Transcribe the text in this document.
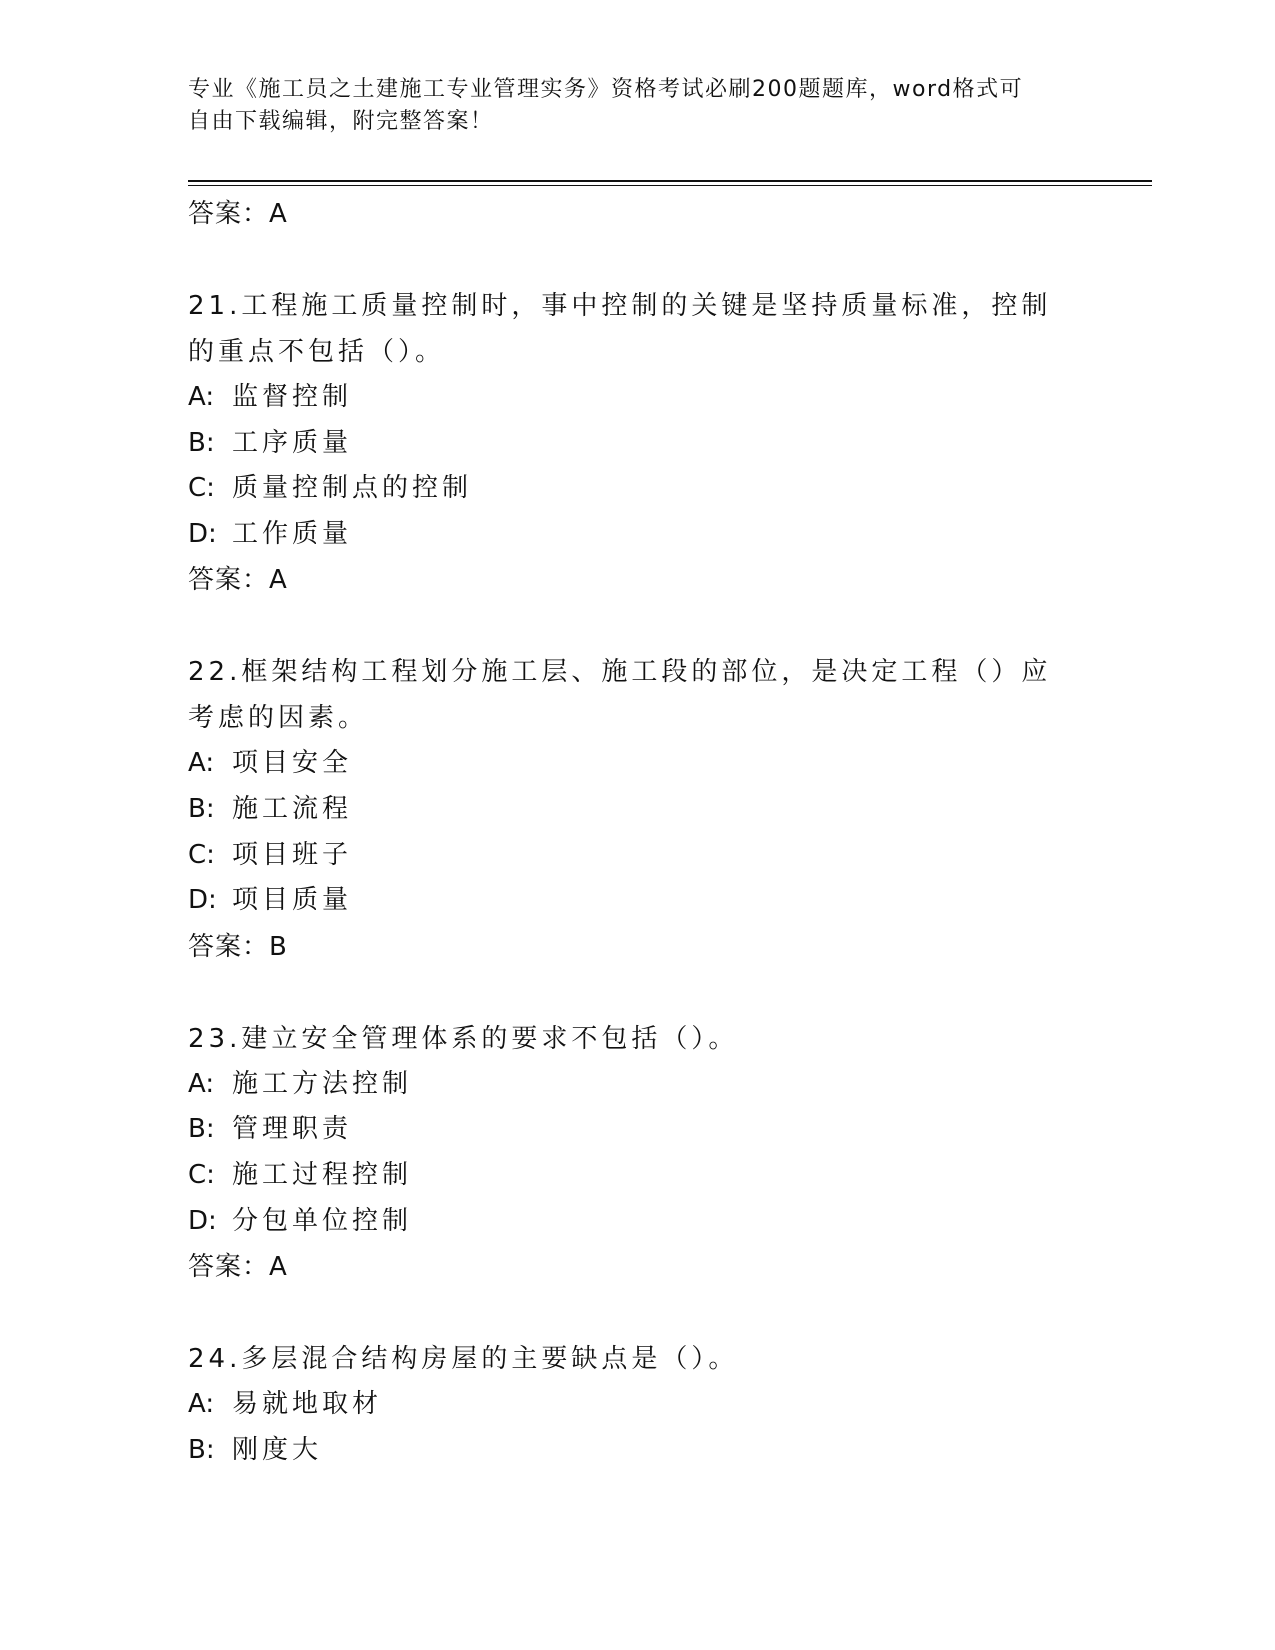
专业《施工员之土建施工专业管理实务》资格考试必刷200题题库，word格式可
自由下载编辑，附完整答案！
答案：A
21.工程施工质量控制时，事中控制的关键是坚持质量标准，控制的重点不包括（）。
A: 监督控制
B: 工序质量
C: 质量控制点的控制
D: 工作质量
答案：A
22.框架结构工程划分施工层、施工段的部位，是决定工程（）应考虑的因素。
A: 项目安全
B: 施工流程
C: 项目班子
D: 项目质量
答案：B
23.建立安全管理体系的要求不包括（）。
A: 施工方法控制
B: 管理职责
C: 施工过程控制
D: 分包单位控制
答案：A
24.多层混合结构房屋的主要缺点是（）。
A: 易就地取材
B: 刚度大
